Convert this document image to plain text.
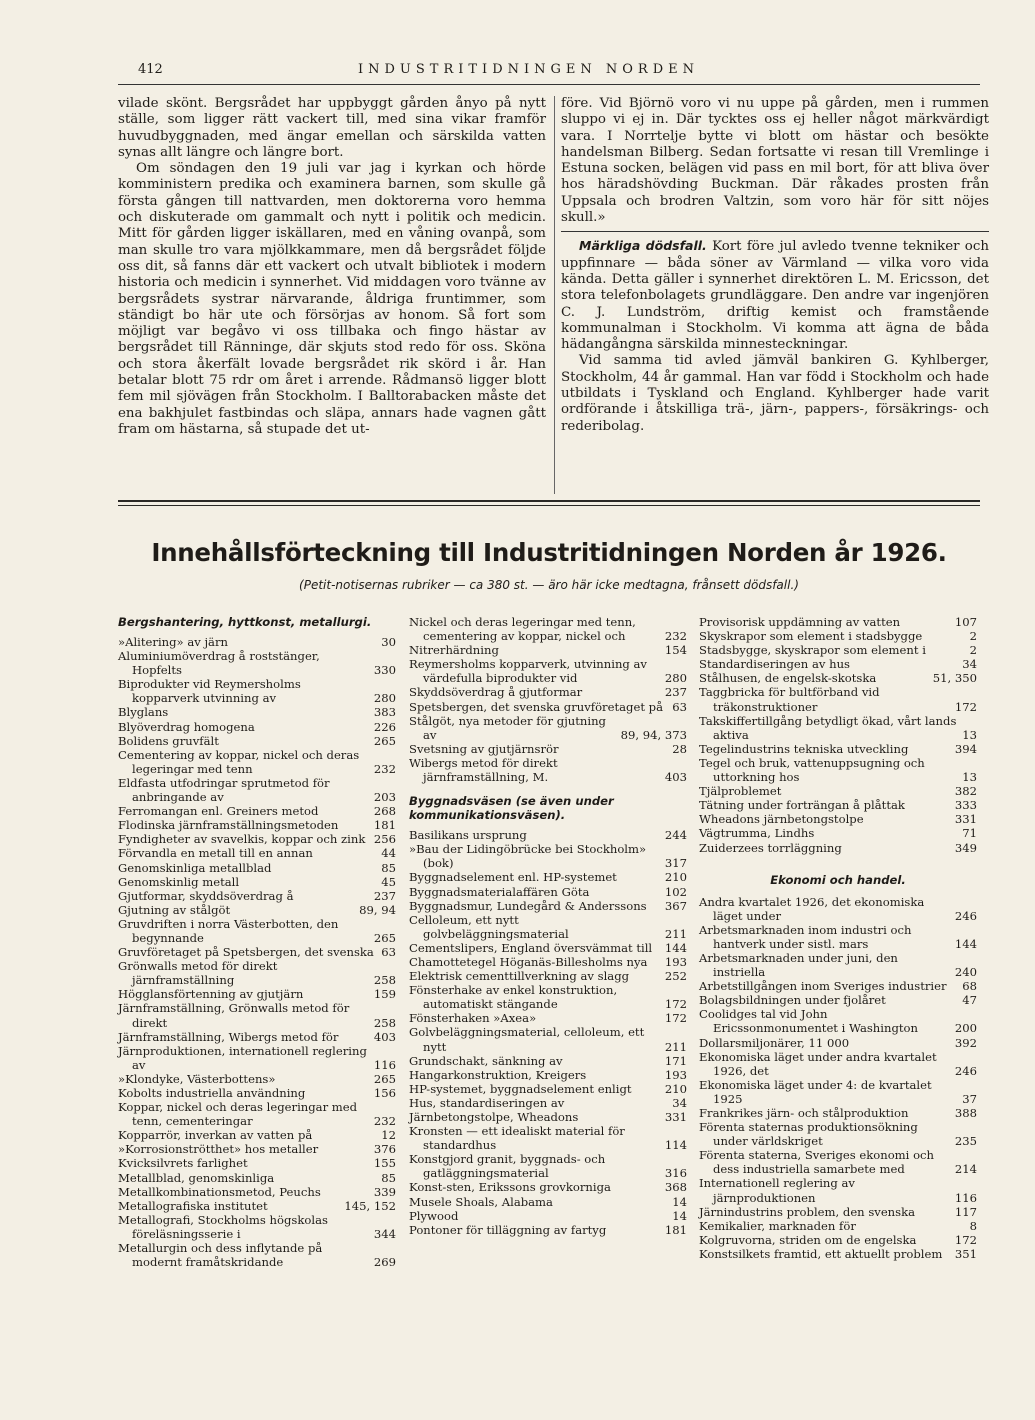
412	INDUSTRITIDNINGEN NORDEN

vilade skönt. Bergsrådet har uppbyggt gården ånyo på nytt ställe, som ligger rätt vackert till, med sina vikar framför huvudbyggnaden, med ängar emellan och särskilda vatten synas allt längre och längre bort.

Om söndagen den 19 juli var jag i kyrkan och hörde komministern predika och examinera barnen, som skulle gå första gången till nattvarden, men doktorerna voro hemma och diskuterade om gammalt och nytt i politik och medicin. Mitt för gården ligger iskällaren, med en våning ovanpå, som man skulle tro vara mjölkkammare, men då bergsrådet följde oss dit, så fanns där ett vackert och utvalt bibliotek i modern historia och medicin i synnerhet. Vid middagen voro tvänne av bergsrådets systrar närvarande, åldriga fruntimmer, som ständigt bo här ute och försörjas av honom. Så fort som möjligt var begåvo vi oss tillbaka och fingo hästar av bergsrådet till Ränninge, där skjuts stod redo för oss. Sköna och stora åkerfält lovade bergsrådet rik skörd i år. Han betalar blott 75 rdr om året i arrende. Rådmansö ligger blott fem mil sjövägen från Stockholm. I Balltorabacken måste det ena bakhjulet fastbindas och släpa, annars hade vagnen gått fram om hästarna, så stupade det ut-

före. Vid Björnö voro vi nu uppe på gården, men i rummen sluppo vi ej in. Där tycktes oss ej heller något märkvärdigt vara. I Norrtelje bytte vi blott om hästar och besökte handelsman Bilberg. Sedan fortsatte vi resan till Vremlinge i Estuna socken, belägen vid pass en mil bort, för att bliva över hos häradshövding Buckman. Där råkades prosten från Uppsala och brodren Valtzin, som voro här för sitt nöjes skull.»

Märkliga dödsfall. Kort före jul avledo tvenne tekniker och uppfinnare — båda söner av Värmland — vilka voro vida kända. Detta gäller i synnerhet direktören L. M. Ericsson, det stora telefonbolagets grundläggare. Den andre var ingenjören C. J. Lundström, driftig kemist och framstående kommunalman i Stockholm. Vi komma att ägna de båda hädangångna särskilda minnesteckningar.

Vid samma tid avled jämväl bankiren G. Kyhlberger, Stockholm, 44 år gammal. Han var född i Stockholm och hade utbildats i Tyskland och England. Kyhlberger hade varit ordförande i åtskilliga trä-, järn-, pappers-, försäkrings- och rederibolag.

Innehållsförteckning till Industritidningen Norden år 1926.
(Petit-notisernas rubriker — ca 380 st. — äro här icke medtagna, frånsett dödsfall.)
Bergshantering, hyttkonst, metallurgi.
»Alitering» av järn	30
Aluminiumöverdrag å roststänger, Hopfelts	330
Biprodukter vid Reymersholms kopparverk utvinning av	280
Blyglans	383
Blyöverdrag homogena	226
Bolidens gruvfält	265
Cementering av koppar, nickel och deras legeringar med tenn	232
Eldfasta utfodringar sprutmetod för anbringande av	203
Ferromangan enl. Greiners metod	268
Flodinska järnframställningsmetoden	181
Fyndigheter av svavelkis, koppar och zink 256
Förvandla en metall till en annan	44
Genomskinliga metallblad	85
Genomskinlig metall	45
Gjutformar, skyddsöverdrag å	237
Gjutning av stålgöt	89, 94
Gruvdriften i norra Västerbotten, den begynnande	265
Gruvföretaget på Spetsbergen, det svenska 63
Grönwalls metod för direkt järnframställning	258
Högglansförtenning av gjutjärn	159
Järnframställning, Grönwalls metod för direkt	258
Järnframställning, Wibergs metod för	403
Järnproduktionen, internationell reglering av	116
»Klondyke, Västerbottens»	265
Kobolts industriella användning	156
Koppar, nickel och deras legeringar med tenn, cementeringar	232
Kopparrör, inverkan av vatten på	12
»Korrosionströtthet» hos metaller	376
Kvicksilvrets farlighet	155
Metallblad, genomskinliga	85
Metallkombinationsmetod, Peuchs	339
Metallografiska institutet	145, 152
Metallografi, Stockholms högskolas föreläsningsserie i	344
Metallurgin och dess inflytande på modernt framåtskridande	269
Nickel och deras legeringar med tenn, cementering av koppar, nickel och	232
Nitrerhärdning	154
Reymersholms kopparverk, utvinning av värdefulla biprodukter vid	280
Skyddsöverdrag å gjutformar	237
Spetsbergen, det svenska gruvföretaget på 63
Stålgöt, nya metoder för gjutning av	89, 94, 373
Svetsning av gjutjärnsrör	28
Wibergs metod för direkt järnframställning, M.	403
Byggnadsväsen (se även under kommunikationsväsen).
Basilikans ursprung	244
»Bau der Lidingöbrücke bei Stockholm» (bok)	317
Byggnadselement enl. HP-systemet	210
Byggnadsmaterialaffären Göta	102
Byggnadsmur, Lundegård & Anderssons	367
Celloleum, ett nytt golvbeläggningsmaterial	211
Cementslipers, England översvämmat till	144
Chamottetegel Höganäs-Billesholms nya	193
Elektrisk cementtillverkning av slagg	252
Fönsterhake av enkel konstruktion, automatiskt stängande	172
Fönsterhaken »Axea»	172
Golvbeläggningsmaterial, celloleum, ett nytt	211
Grundschakt, sänkning av	171
Hangarkonstruktion, Kreigers	193
HP-systemet, byggnadselement enligt	210
Hus, standardiseringen av	34
Järnbetongstolpe, Wheadons	331
Kronsten — ett idealiskt material för standardhus	114
Konstgjord granit, byggnads- och gatläggningsmaterial	316
Konst-sten, Erikssons grovkorniga	368
Musele Shoals, Alabama	14
Plywood	14
Pontoner för tilläggning av fartyg	181
Provisorisk uppdämning av vatten	107
Skyskrapor som element i stadsbygge	2
Stadsbygge, skyskrapor som element i	2
Standardiseringen av hus	34
Stålhusen, de engelsk-skotska	51, 350
Taggbricka för bultförband vid träkonstruktioner	172
Takskiffertillgång betydligt ökad, vårt lands aktiva	13
Tegelindustrins tekniska utveckling	394
Tegel och bruk, vattenuppsugning och uttorkning hos	13
Tjälproblemet	382
Tätning under forträngan å plåttak	333
Wheadons järnbetongstolpe	331
Vägtrumma, Lindhs	71
Zuiderzees torrläggning	349
Ekonomi och handel.
Andra kvartalet 1926, det ekonomiska läget under	246
Arbetsmarknaden inom industri och hantverk under sistl. mars	144
Arbetsmarknaden under juni, den instriella	240
Arbetstillgången inom Sveriges industrier	68
Bolagsbildningen under fjolåret	47
Coolidges tal vid John Ericssonmonumentet i Washington	200
Dollarsmiljonärer, 11 000	392
Ekonomiska läget under andra kvartalet 1926, det	246
Ekonomiska läget under 4: de kvartalet 1925	37
Frankrikes järn- och stålproduktion	388
Förenta staternas produktionsökning under världskriget	235
Förenta staterna, Sveriges ekonomi och dess industriella samarbete med	214
Internationell reglering av järnproduktionen	116
Järnindustrins problem, den svenska	117
Kemikalier, marknaden för	8
Kolgruvorna, striden om de engelska	172
Konstsilkets framtid, ett aktuellt problem	351
